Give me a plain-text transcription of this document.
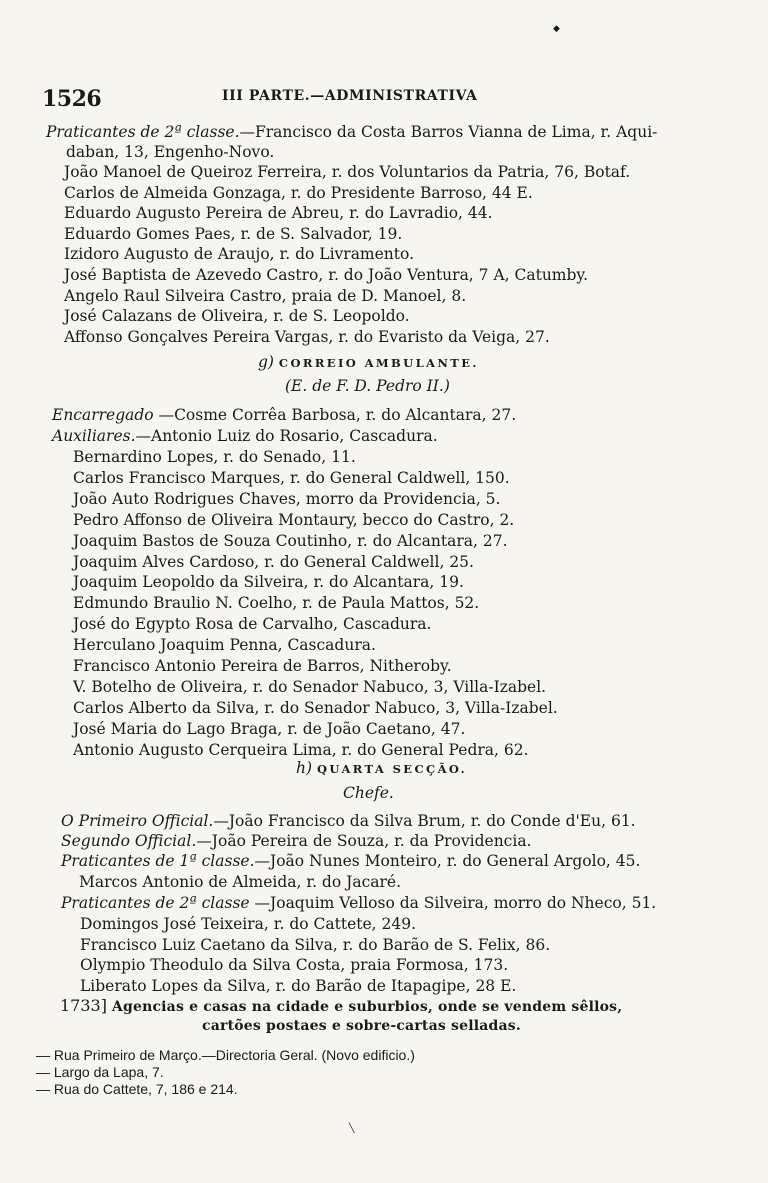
◆
1526	III PARTE.—ADMINISTRATIVA
Praticantes de 2ª classe.—Francisco da Costa Barros Vianna de Lima, r. Aqui-
daban, 13, Engenho-Novo.
João Manoel de Queiroz Ferreira, r. dos Voluntarios da Patria, 76, Botaf.
Carlos de Almeida Gonzaga, r. do Presidente Barroso, 44 E.
Eduardo Augusto Pereira de Abreu, r. do Lavradio, 44.
Eduardo Gomes Paes, r. de S. Salvador, 19.
Izidoro Augusto de Araujo, r. do Livramento.
José Baptista de Azevedo Castro, r. do João Ventura, 7 A, Catumby.
Angelo Raul Silveira Castro, praia de D. Manoel, 8.
José Calazans de Oliveira, r. de S. Leopoldo.
Affonso Gonçalves Pereira Vargas, r. do Evaristo da Veiga, 27.
g) CORREIO AMBULANTE.
(E. de F. D. Pedro II.)
Encarregado —Cosme Corrêa Barbosa, r. do Alcantara, 27.
Auxiliares.—Antonio Luiz do Rosario, Cascadura.
Bernardino Lopes, r. do Senado, 11.
Carlos Francisco Marques, r. do General Caldwell, 150.
João Auto Rodrigues Chaves, morro da Providencia, 5.
Pedro Affonso de Oliveira Montaury, becco do Castro, 2.
Joaquim Bastos de Souza Coutinho, r. do Alcantara, 27.
Joaquim Alves Cardoso, r. do General Caldwell, 25.
Joaquim Leopoldo da Silveira, r. do Alcantara, 19.
Edmundo Braulio N. Coelho, r. de Paula Mattos, 52.
José do Egypto Rosa de Carvalho, Cascadura.
Herculano Joaquim Penna, Cascadura.
Francisco Antonio Pereira de Barros, Nitheroby.
V. Botelho de Oliveira, r. do Senador Nabuco, 3, Villa-Izabel.
Carlos Alberto da Silva, r. do Senador Nabuco, 3, Villa-Izabel.
José Maria do Lago Braga, r. de João Caetano, 47.
Antonio Augusto Cerqueira Lima, r. do General Pedra, 62.
h) QUARTA SECÇÃO.
Chefe.
O Primeiro Official.—João Francisco da Silva Brum, r. do Conde d'Eu, 61.
Segundo Official.—João Pereira de Souza, r. da Providencia.
Praticantes de 1ª classe.—João Nunes Monteiro, r. do General Argolo, 45.
Marcos Antonio de Almeida, r. do Jacaré.
Praticantes de 2ª classe —Joaquim Velloso da Silveira, morro do Nheco, 51.
Domingos José Teixeira, r. do Cattete, 249.
Francisco Luiz Caetano da Silva, r. do Barão de S. Felix, 86.
Olympio Theodulo da Silva Costa, praia Formosa, 173.
Liberato Lopes da Silva, r. do Barão de Itapagipe, 28 E.
1733] Agencias e casas na cidade e suburbios, onde se vendem sêllos,
cartões postaes e sobre-cartas selladas.
— Rua Primeiro de Março.—Directoria Geral. (Novo edificio.)
— Largo da Lapa, 7.
— Rua do Cattete, 7, 186 e 214.
╲
